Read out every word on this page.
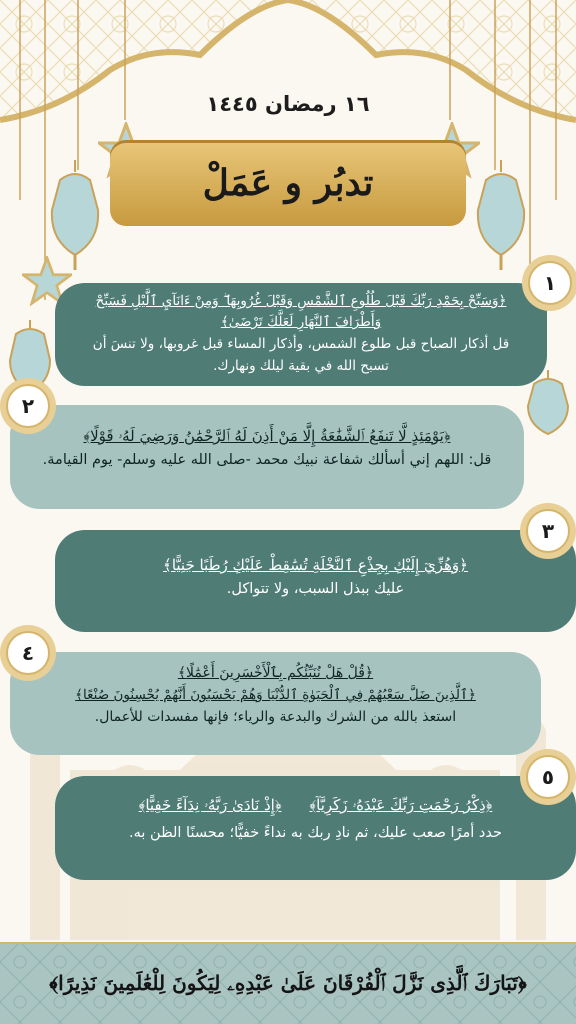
١٦ رمضان ١٤٤٥
تدبُر و عَمَلْ
﴿وَسَبِّحْ بِحَمْدِ رَبِّكَ قَبْلَ طُلُوعِ ٱلشَّمْسِ وَقَبْلَ غُرُوبِهَا ۖ وَمِنْ ءَانَآيِ ٱلَّيْلِ فَسَبِّحْ وَأَطْرَافَ ٱلنَّهَارِ لَعَلَّكَ تَرْضَىٰ﴾
قل أذكار الصباح قبل طلوع الشمس، وأذكار المساء قبل غروبها، ولا تنسَ أن تسبح الله في بقية ليلك ونهارك.
١
﴿يَوْمَئِذٍ لَّا تَنفَعُ ٱلشَّفَٰعَةُ إِلَّا مَنْ أَذِنَ لَهُ ٱلرَّحْمَٰنُ وَرَضِيَ لَهُۥ قَوْلًا﴾
قل: اللهم إني أسألك شفاعة نبيك محمد -صلى الله عليه وسلم- يوم القيامة.
٢
﴿وَهُزِّيٓ إِلَيْكِ بِجِذْعِ ٱلنَّخْلَةِ تُسَٰقِطْ عَلَيْكِ رُطَبًا جَنِيًّا﴾
عليك ببذل السبب، ولا تتواكل.
٣
﴿قُلْ هَلْ نُنَبِّئُكُم بِٱلْأَخْسَرِينَ أَعْمَٰلًا﴾
﴿ٱلَّذِينَ ضَلَّ سَعْيُهُمْ فِي ٱلْحَيَوٰةِ ٱلدُّنْيَا وَهُمْ يَحْسَبُونَ أَنَّهُمْ يُحْسِنُونَ صُنْعًا﴾
استعذ بالله من الشرك والبدعة والرياء؛ فإنها مفسدات للأعمال.
٤
﴿ذِكْرُ رَحْمَتِ رَبِّكَ عَبْدَهُۥ زَكَرِيَّآ﴾
﴿إِذْ نَادَىٰ رَبَّهُۥ نِدَآءً خَفِيًّا﴾
حدد أمرًا صعب عليك، ثم نادِ ربك به نداءً خفيًّا؛ محسنًا الظن به.
٥
﴿تَبَارَكَ ٱلَّذِى نَزَّلَ ٱلْفُرْقَانَ عَلَىٰ عَبْدِهِۦ لِيَكُونَ لِلْعَٰلَمِينَ نَذِيرًا﴾
